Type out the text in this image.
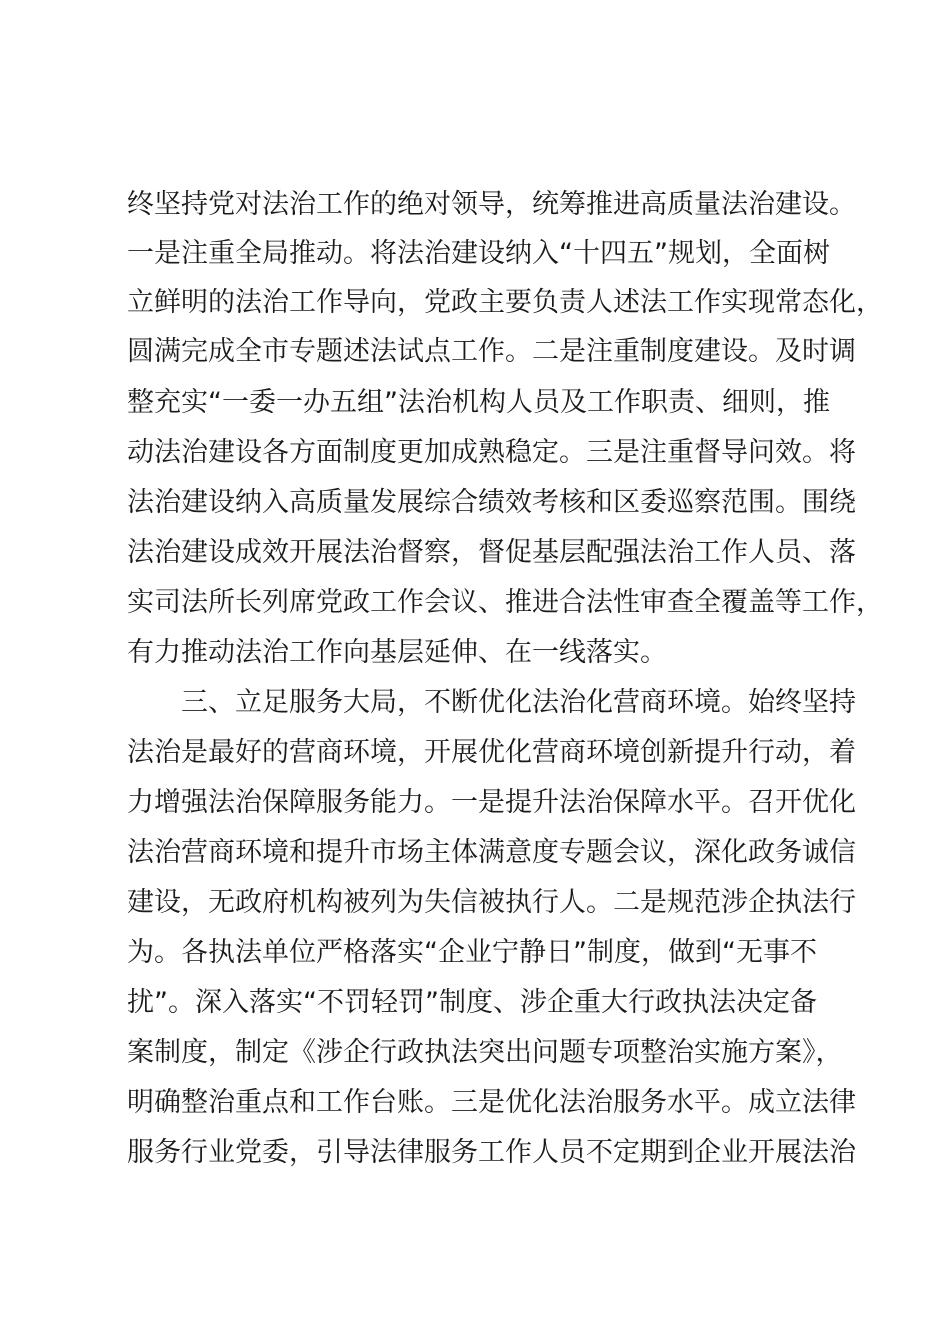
终坚持党对法治工作的绝对领导，统筹推进高质量法治建设。
一是注重全局推动。将法治建设纳入“十四五”规划，全面树
立鲜明的法治工作导向，党政主要负责人述法工作实现常态化，
圆满完成全市专题述法试点工作。二是注重制度建设。及时调
整充实“一委一办五组”法治机构人员及工作职责、细则，推
动法治建设各方面制度更加成熟稳定。三是注重督导问效。将
法治建设纳入高质量发展综合绩效考核和区委巡察范围。围绕
法治建设成效开展法治督察，督促基层配强法治工作人员、落
实司法所长列席党政工作会议、推进合法性审查全覆盖等工作，
有力推动法治工作向基层延伸、在一线落实。
三、立足服务大局，不断优化法治化营商环境。始终坚持
法治是最好的营商环境，开展优化营商环境创新提升行动，着
力增强法治保障服务能力。一是提升法治保障水平。召开优化
法治营商环境和提升市场主体满意度专题会议，深化政务诚信
建设，无政府机构被列为失信被执行人。二是规范涉企执法行
为。各执法单位严格落实“企业宁静日”制度，做到“无事不
扰”。深入落实“不罚轻罚”制度、涉企重大行政执法决定备
案制度，制定《涉企行政执法突出问题专项整治实施方案》，
明确整治重点和工作台账。三是优化法治服务水平。成立法律
服务行业党委，引导法律服务工作人员不定期到企业开展法治
